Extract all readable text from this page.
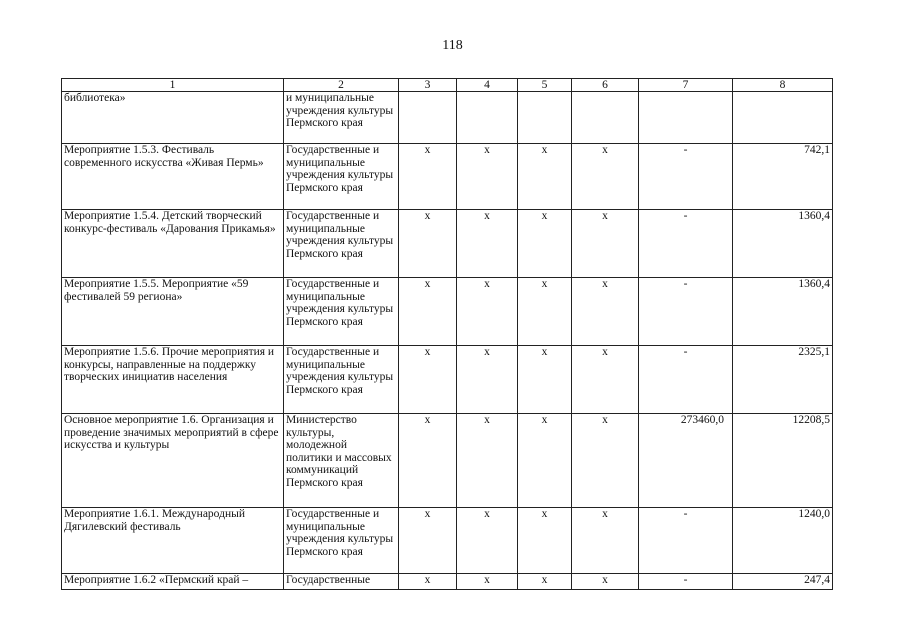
118
1	2	3	4	5	6	7	8
библиотека»	и муниципальные учреждения культуры Пермского края						
Мероприятие 1.5.3. Фестиваль современного искусства «Живая Пермь»	Государственные и муниципальные учреждения культуры Пермского края	х	х	х	х	-	742,1
Мероприятие 1.5.4. Детский творческий конкурс-фестиваль «Дарования Прикамья»	Государственные и муниципальные учреждения культуры Пермского края	х	х	х	х	-	1360,4
Мероприятие 1.5.5. Мероприятие «59 фестивалей 59 региона»	Государственные и муниципальные учреждения культуры Пермского края	х	х	х	х	-	1360,4
Мероприятие 1.5.6. Прочие мероприятия и конкурсы, направленные на поддержку творческих инициатив населения	Государственные и муниципальные учреждения культуры Пермского края	х	х	х	х	-	2325,1
Основное мероприятие 1.6. Организация и проведение значимых мероприятий в сфере искусства и культуры	Министерство культуры, молодежной политики и массовых коммуникаций Пермского края	х	х	х	х	273460,0	12208,5
Мероприятие 1.6.1. Международный Дягилевский фестиваль	Государственные и муниципальные учреждения культуры Пермского края	х	х	х	х	-	1240,0
Мероприятие 1.6.2 «Пермский край –	Государственные	х	х	х	х	-	247,4
